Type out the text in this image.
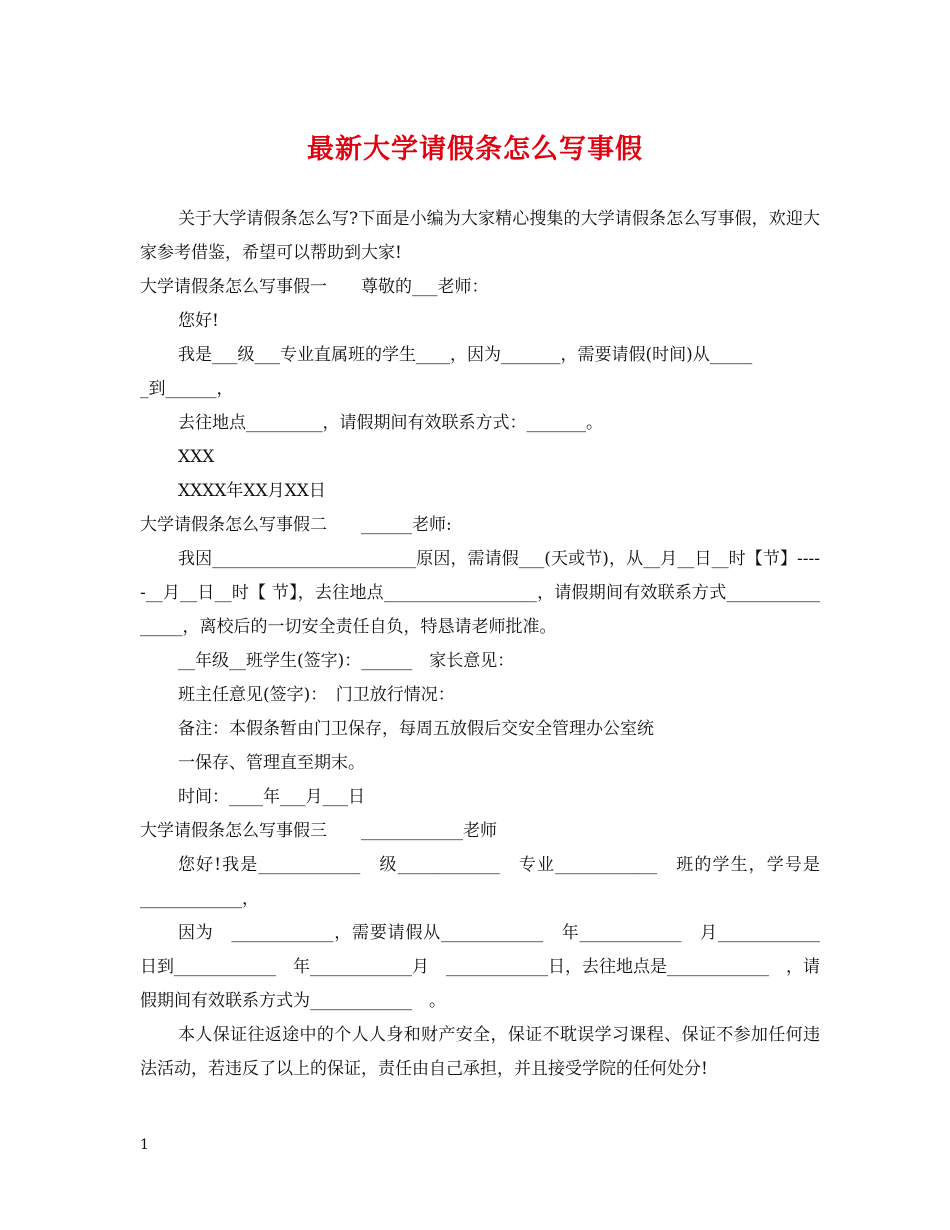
最新大学请假条怎么写事假

关于大学请假条怎么写?下面是小编为大家精心搜集的大学请假条怎么写事假，欢迎大家参考借鉴，希望可以帮助到大家!

大学请假条怎么写事假一　　尊敬的___老师：

您好!

我是___级___专业直属班的学生____，因为_______，需要请假(时间)从_____

_到______，

去往地点_________，请假期间有效联系方式：_______。

XXX

XXXX年XX月XX日

大学请假条怎么写事假二　　______老师:

我因________________________原因，需请假___(天或节)，从__月__日__时【节】-----__月__日__时【 节】，去往地点__________________，请假期间有效联系方式________________，离校后的一切安全责任自负，特恳请老师批准。

__年级__班学生(签字)：______　家长意见：

班主任意见(签字)：　门卫放行情况：

备注：本假条暂由门卫保存，每周五放假后交安全管理办公室统

一保存、管理直至期末。

时间：____年___月___日

大学请假条怎么写事假三　　____________老师

您好!我是____________　级____________　专业____________　班的学生，学号是　____________，

因为　____________，需要请假从____________　年____________　月____________　日到____________　年____________月　____________日，去往地点是____________　，请假期间有效联系方式为____________　。

本人保证往返途中的个人人身和财产安全，保证不耽误学习课程、保证不参加任何违法活动，若违反了以上的保证，责任由自己承担，并且接受学院的任何处分!

1
